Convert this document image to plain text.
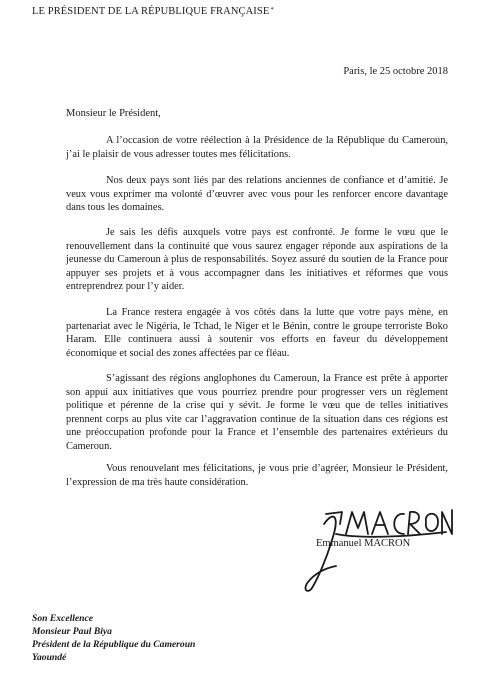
LE PRÉSIDENT DE LA RÉPUBLIQUE FRANÇAISE*
Paris, le 25 octobre 2018
Monsieur le Président,

A l’occasion de votre réélection à la Présidence de la République du Cameroun, j’ai le plaisir de vous adresser toutes mes félicitations.

Nos deux pays sont liés par des relations anciennes de confiance et d’amitié. Je veux vous exprimer ma volonté d’œuvrer avec vous pour les renforcer encore davantage dans tous les domaines.

Je sais les défis auxquels votre pays est confronté. Je forme le vœu que le renouvellement dans la continuité que vous saurez engager réponde aux aspirations de la jeunesse du Cameroun à plus de responsabilités. Soyez assuré du soutien de la France pour appuyer ses projets et à vous accompagner dans les initiatives et réformes que vous entreprendrez pour l’y aider.

La France restera engagée à vos côtés dans la lutte que votre pays mène, en partenariat avec le Nigéria, le Tchad, le Niger et le Bénin, contre le groupe terroriste Boko Haram. Elle continuera aussi à soutenir vos efforts en faveur du développement économique et social des zones affectées par ce fléau.

S’agissant des régions anglophones du Cameroun, la France est prête à apporter son appui aux initiatives que vous pourriez prendre pour progresser vers un règlement politique et pérenne de la crise qui y sévit. Je forme le vœu que de telles initiatives prennent corps au plus vite car l’aggravation continue de la situation dans ces régions est une préoccupation profonde pour la France et l’ensemble des partenaires extérieurs du Cameroun.

Vous renouvelant mes félicitations, je vous prie d’agréer, Monsieur le Président, l’expression de ma très haute considération.

Emmanuel MACRON
Son Excellence
Monsieur Paul Biya
Président de la République du Cameroun
Yaoundé
